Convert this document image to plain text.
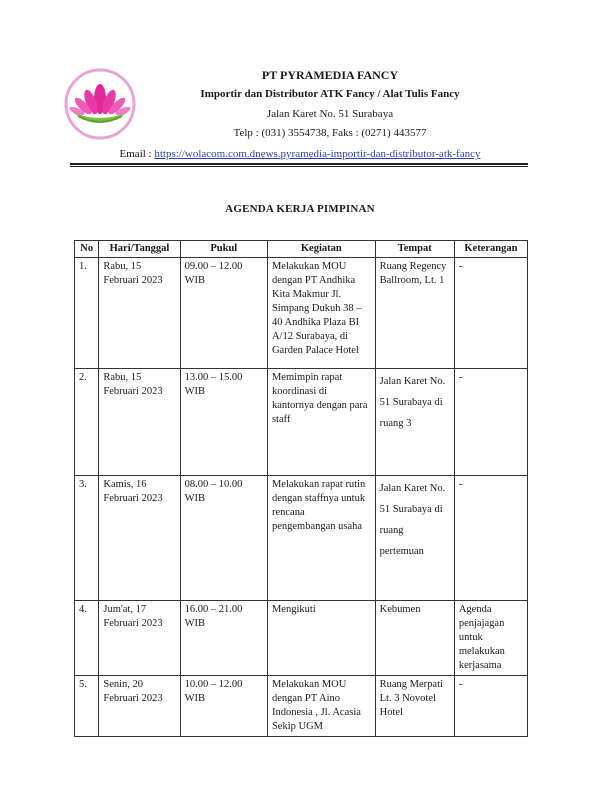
PT PYRAMEDIA FANCY
Importir dan Distributor ATK Fancy / Alat Tulis Fancy
Jalan Karet No. 51 Surabaya
Telp : (031) 3554738, Faks : (0271) 443577
Email : https://wolacom.com.dnews.pyramedia-importir-dan-distributor-atk-fancy
AGENDA KERJA PIMPINAN
No	Hari/Tanggal	Pukul	Kegiatan	Tempat	Keterangan
1.	Rabu, 15 Februari 2023	09.00 – 12.00 WIB	Melakukan MOU dengan PT Andhika Kita Makmur Jl. Simpang Dukuh 38 – 40 Andhika Plaza BI A/12 Surabaya, di Garden Palace Hotel	Ruang Regency Ballroom, Lt. 1	-
2.	Rabu, 15 Februari 2023	13.00 – 15.00 WIB	Memimpin rapat koordinasi di kantornya dengan para staff	Jalan Karet No. 51 Surabaya di ruang 3	-
3.	Kamis, 16 Februari 2023	08.00 – 10.00 WIB	Melakukan rapat rutin dengan staffnya untuk rencana pengembangan usaha	Jalan Karet No. 51 Surabaya di ruang pertemuan	-
4.	Jum'at, 17 Februari 2023	16.00 – 21.00 WIB	Mengikuti	Kebumen	Agenda penjajagan untuk melakukan kerjasama
5.	Senin, 20 Februari 2023	10.00 – 12.00 WIB	Melakukan MOU dengan PT Aino Indonesia , Jl. Acasia Sekip UGM	Ruang Merpati Lt. 3 Novotel Hotel	-
